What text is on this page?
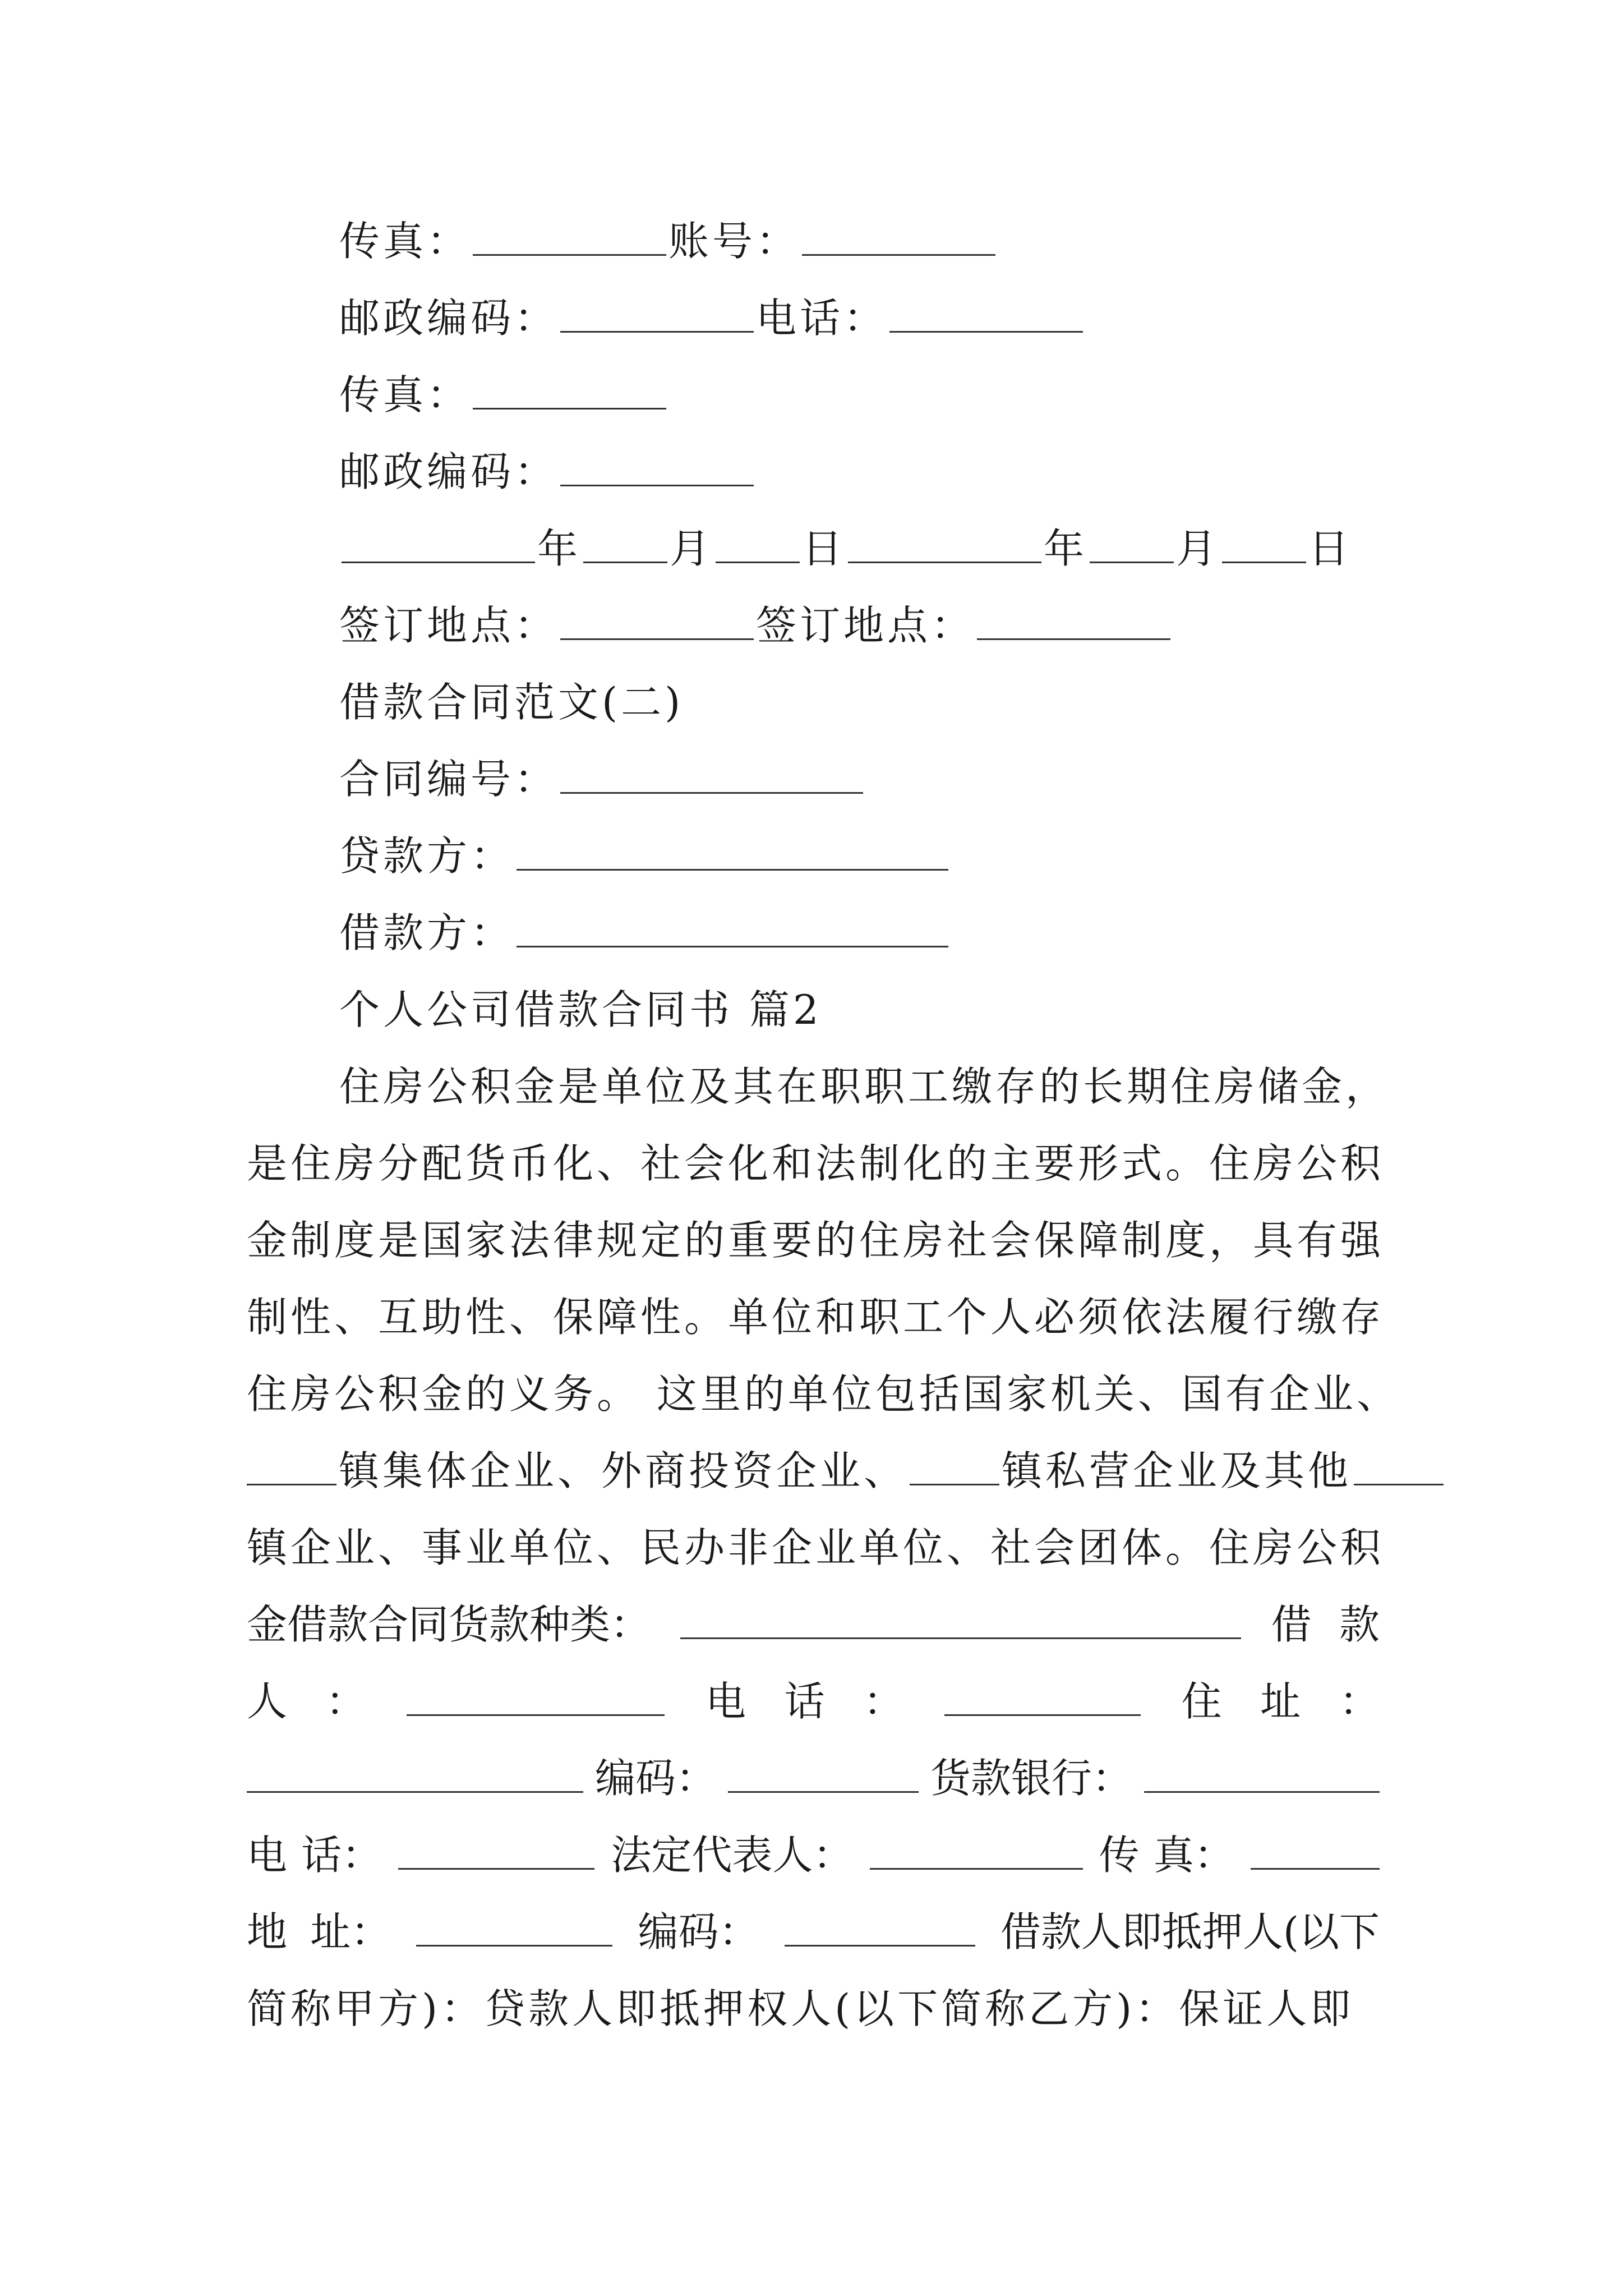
传真：	账号：
邮政编码：	电话：
传真：
邮政编码：
年 月 日	年 月 日
签订地点：	签订地点：
借款合同范文(二)
合同编号：
贷款方：
借款方：
个人公司借款合同书 篇2
住房公积金是单位及其在职职工缴存的长期住房储金，
是住房分配货币化、社会化和法制化的主要形式。住房公积
金制度是国家法律规定的重要的住房社会保障制度，具有强
制性、互助性、保障性。单位和职工个人必须依法履行缴存
住房公积金的义务。 这里的单位包括国家机关、国有企业、
镇集体企业、外商投资企业、 镇私营企业及其他
镇企业、事业单位、民办非企业单位、社会团体。住房公积
金借款合同货款种类：	借 款
人 ：	电 话 ：	住 址 ：
编码：	货款银行：
电 话：	法定代表人：	传 真：
地 址：	编码：	借款人即抵押人(以下
简称甲方)：贷款人即抵押权人(以下简称乙方)：保证人即
